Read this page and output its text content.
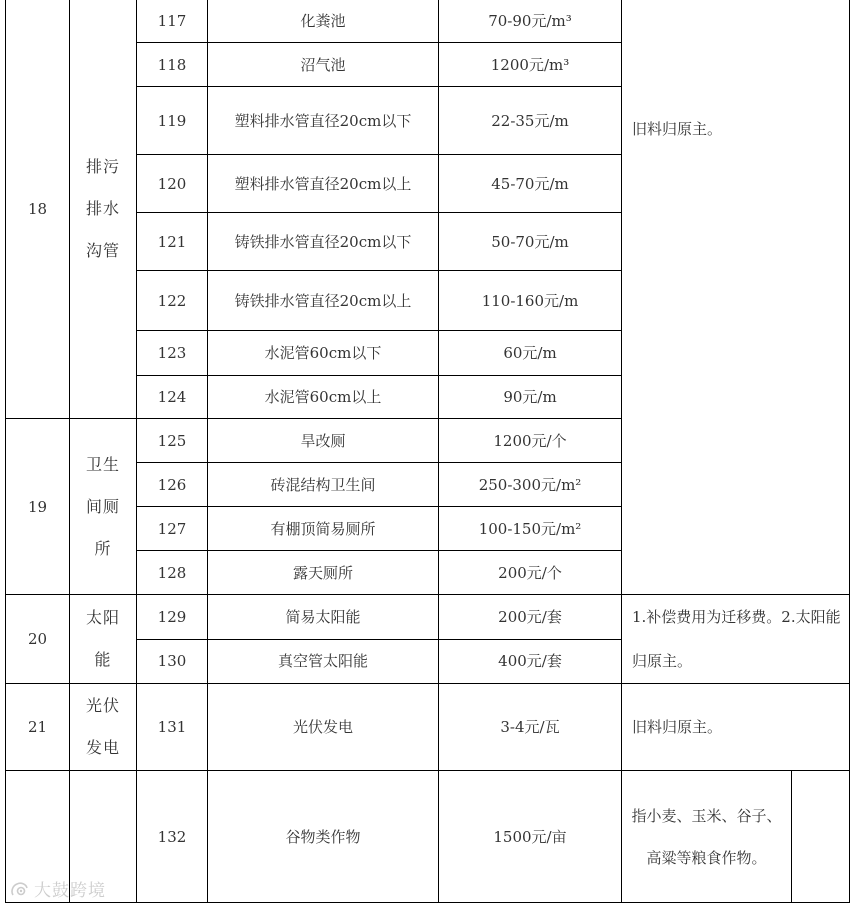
18	排污排水沟管	117	化粪池	70-90元/m³	旧料归原主。	
		118	沼气池	1200元/m³		
		119	塑料排水管直径20cm以下	22-35元/m		
		120	塑料排水管直径20cm以上	45-70元/m		
		121	铸铁排水管直径20cm以下	50-70元/m		
		122	铸铁排水管直径20cm以上	110-160元/m		
		123	水泥管60cm以下	60元/m		
		124	水泥管60cm以上	90元/m		
19	卫生间厕所	125	旱改厕	1200元/个		
		126	砖混结构卫生间	250-300元/m²		
		127	有棚顶简易厕所	100-150元/m²		
		128	露天厕所	200元/个		
20	太阳能	129	简易太阳能	200元/套	1.补偿费用为迁移费。2.太阳能归原主。	
		130	真空管太阳能	400元/套		
21	光伏发电	131	光伏发电	3-4元/瓦	旧料归原主。	
		132	谷物类作物	1500元/亩	指小麦、玉米、谷子、高粱等粮食作物。	
大鼓跨境
